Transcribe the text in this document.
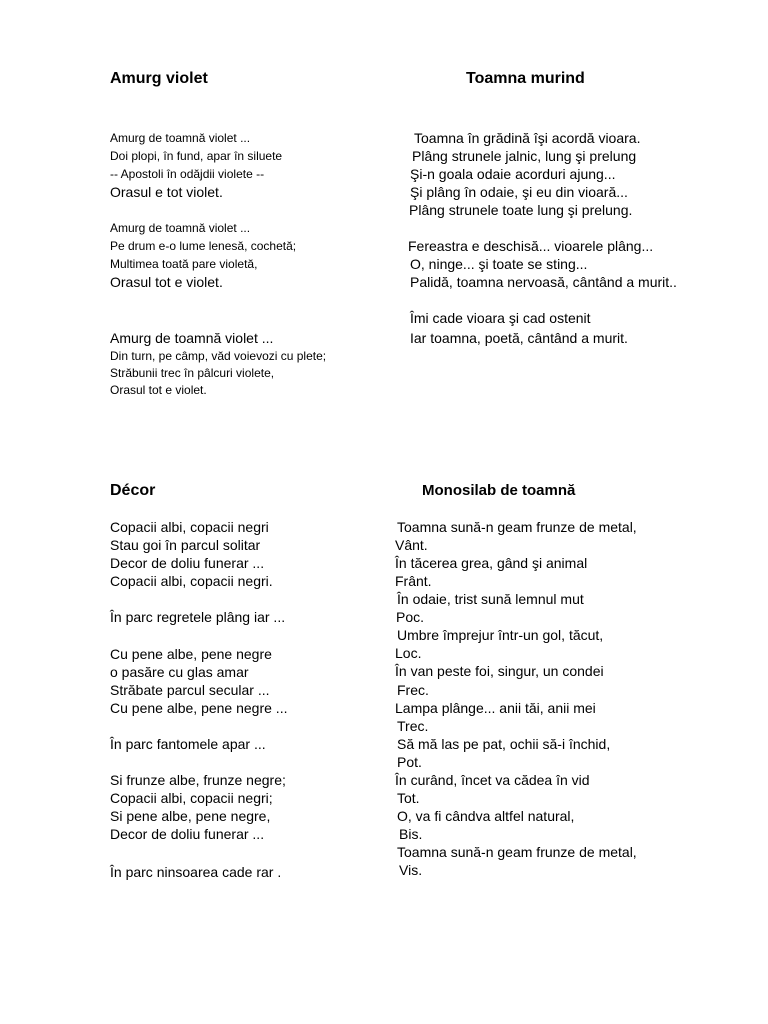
Amurg violet
Amurg de toamnă violet ...
Doi plopi, în fund, apar în siluete
-- Apostoli în odăjdii violete --
Orasul e tot violet.
Amurg de toamnă violet ...
Pe drum e-o lume lenesă, cochetă;
Multimea toată pare violetă,
Orasul tot e violet.
Amurg de toamnă violet ...
Din turn, pe câmp, văd voievozi cu plete;
Străbunii trec în pâlcuri violete,
Orasul tot e violet.
Toamna murind
Toamna în grădină îşi acordă vioara.
Plâng strunele jalnic, lung şi prelung
Şi-n goala odaie acorduri ajung...
Şi plâng în odaie, şi eu din vioară...
Plâng strunele toate lung şi prelung.
Fereastra e deschisă... vioarele plâng...
O, ninge... şi toate se sting...
Palidă, toamna nervoasă, cântând a murit..
Îmi cade vioara şi cad ostenit
Iar toamna, poetă, cântând a murit.
Décor
Copacii albi, copacii negri
Stau goi în parcul solitar
Decor de doliu funerar ...
Copacii albi, copacii negri.
În parc regretele plâng iar ...
Cu pene albe, pene negre
o pasăre cu glas amar
Străbate parcul secular ...
Cu pene albe, pene negre ...
În parc fantomele apar ...
Si frunze albe, frunze negre;
Copacii albi, copacii negri;
Si pene albe, pene negre,
Decor de doliu funerar ...
În parc ninsoarea cade rar .
Monosilab de toamnă
Toamna sună-n geam frunze de metal,
Vânt.
În tăcerea grea, gând şi animal
Frânt.
În odaie, trist sună lemnul mut
Poc.
Umbre împrejur într-un gol, tăcut,
Loc.
În van peste foi, singur, un condei
Frec.
Lampa plânge... anii tăi, anii mei
Trec.
Să mă las pe pat, ochii să-i închid,
Pot.
În curând, încet va cădea în vid
Tot.
O, va fi cândva altfel natural,
Bis.
Toamna sună-n geam frunze de metal,
Vis.
